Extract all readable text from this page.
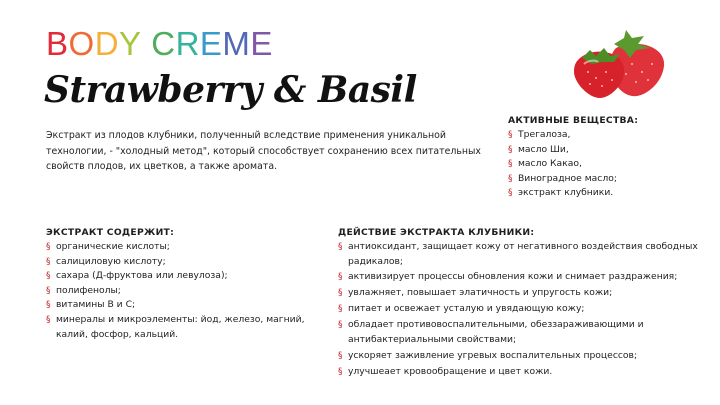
BODY CREME
Strawberry & Basil

Экстракт из плодов клубники, полученный вследствие применения уникальной технологии, - "холодный метод", который способствует сохранению всех питательных свойств плодов, их цветков, а также аромата.

АКТИВНЫЕ ВЕЩЕСТВА:

§ Трегалоза,
§ масло Ши,
§ масло Какао,
§ Виноградное масло;
§ экстракт клубники.

ЭКСТРАКТ СОДЕРЖИТ:

§ органические кислоты;
§ салициловую кислоту;
§ сахара (Д-фруктова или левулоза);
§ полифенолы;
§ витамины В и С;
§ минералы и микроэлементы: йод, железо, магний, калий, фосфор, кальций.

ДЕЙСТВИЕ ЭКСТРАКТА КЛУБНИКИ:

§ антиоксидант, защищает кожу от негативного воздействия свободных радикалов;
§ активизирует процессы обновления кожи и снимает раздражения;
§ увлажняет, повышает элатичность и упругость кожи;
§ питает и освежает усталую и увядающую кожу;
§ обладает противовоспалительными, обеззараживающими и антибактериальными свойствами;
§ ускоряет заживление угревых воспалительных процессов;
§ улучшеает кровообращение и цвет кожи.
